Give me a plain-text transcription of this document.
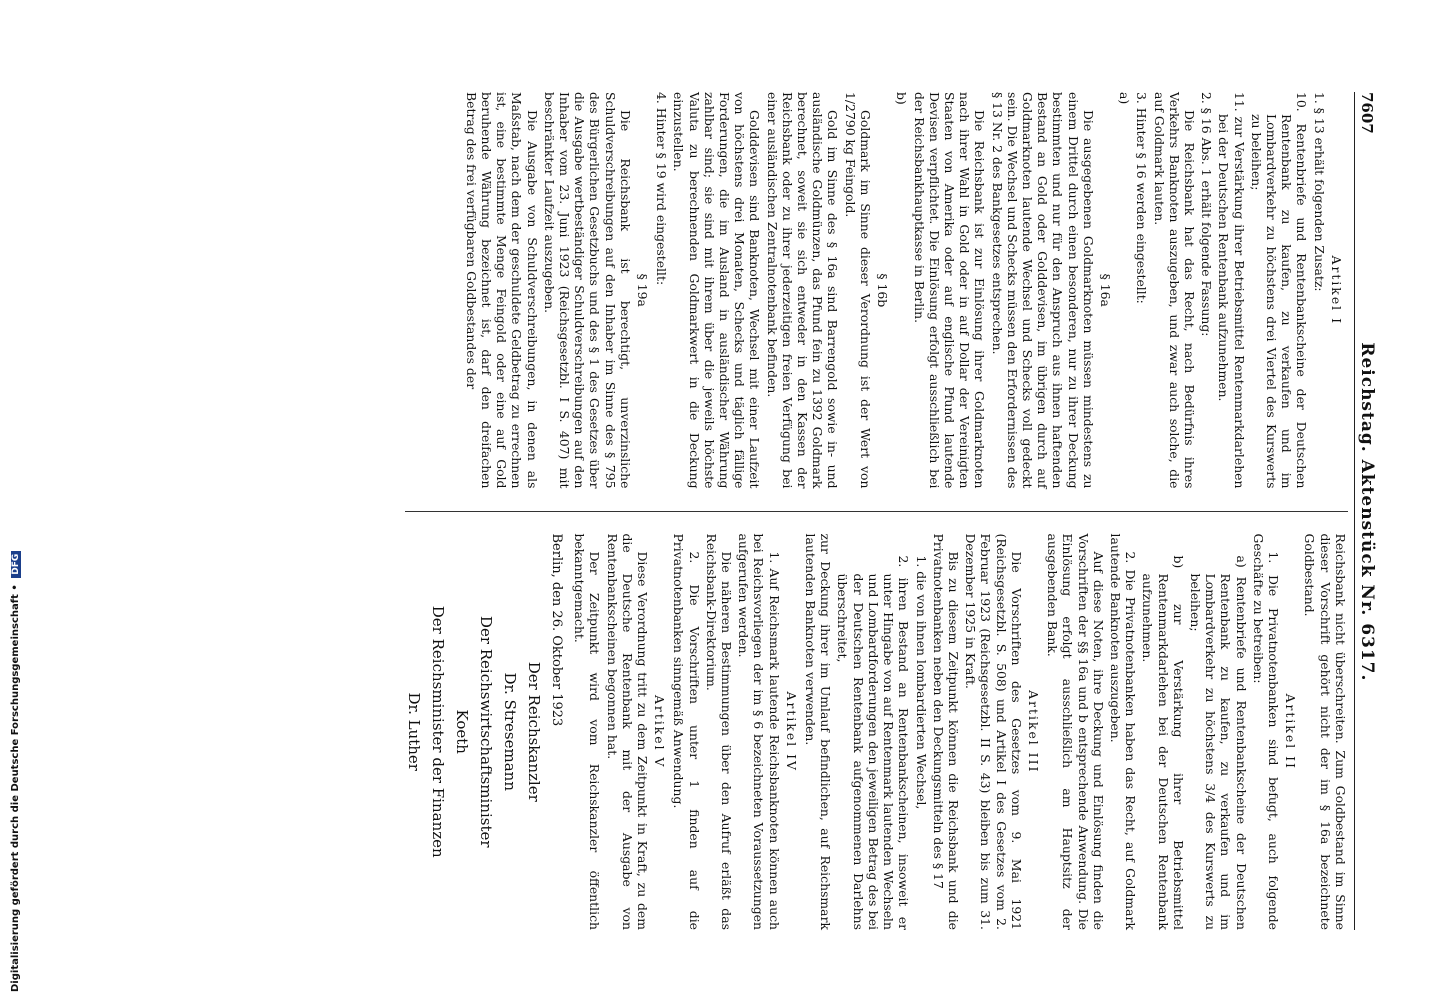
7607
Reichstag. Aktenstück Nr. 6317.

Artikel I

1. § 13 erhält folgenden Zusatz:

10. Rentenbriefe und Rentenbankscheine der Deutschen Rentenbank zu kaufen, zu verkaufen und im Lombardverkehr zu höchstens drei Viertel des Kurswerts zu beleihen;

11. zur Verstärkung ihrer Betriebsmittel Rentenmarkdarlehen bei der Deutschen Rentenbank aufzunehmen.

2. § 16 Abs. 1 erhält folgende Fassung:

Die Reichsbank hat das Recht, nach Bedürfnis ihres Verkehrs Banknoten auszugeben, und zwar auch solche, die auf Goldmark lauten.

3. Hinter § 16 werden eingestellt:

a)

§ 16a

Die ausgegebenen Goldmarknoten müssen mindestens zu einem Drittel durch einen besonderen, nur zu ihrer Deckung bestimmten und nur für den Anspruch aus ihnen haftenden Bestand an Gold oder Golddevisen, im übrigen durch auf Goldmarknoten lautende Wechsel und Schecks voll gedeckt sein. Die Wechsel und Schecks müssen den Erfordernissen des § 13 Nr. 2 des Bankgesetzes entsprechen.

Die Reichsbank ist zur Einlösung ihrer Goldmarknoten nach ihrer Wahl in Gold oder in auf Dollar der Vereinigten Staaten von Amerika oder auf englische Pfund lautende Devisen verpflichtet. Die Einlösung erfolgt ausschließlich bei der Reichsbankhauptkasse in Berlin.

b)

§ 16b

Goldmark im Sinne dieser Verordnung ist der Wert von 1/2790 kg Feingold.

Gold im Sinne des § 16a sind Barrengold sowie in- und ausländische Goldmünzen, das Pfund fein zu 1392 Goldmark berechnet, soweit sie sich entweder in den Kassen der Reichsbank oder zu ihrer jederzeitigen freien Verfügung bei einer ausländischen Zentralnotenbank befinden.

Golddevisen sind Banknoten, Wechsel mit einer Laufzeit von höchstens drei Monaten, Schecks und täglich fällige Forderungen, die im Ausland in ausländischer Währung zahlbar sind; sie sind mit ihrem über die jeweils höchste Valuta zu berechnenden Goldmarkwert in die Deckung einzustellen.

4. Hinter § 19 wird eingestellt:

§ 19a

Die Reichsbank ist berechtigt, unverzinsliche Schuldverschreibungen auf den Inhaber im Sinne des § 795 des Bürgerlichen Gesetzbuchs und des § 1 des Gesetzes über die Ausgabe wertbeständiger Schuldverschreibungen auf den Inhaber vom 23. Juni 1923 (Reichsgesetzbl. I S. 407) mit beschränkter Laufzeit auszugeben.

Die Ausgabe von Schuldverschreibungen, in denen als Maßstab, nach dem der geschuldete Geldbetrag zu errechnen ist, eine bestimmte Menge Feingold oder eine auf Gold beruhende Währung bezeichnet ist, darf den dreifachen Betrag des frei verfügbaren Goldbestandes der

Reichsbank nicht überschreiten. Zum Goldbestand im Sinne dieser Vorschrift gehört nicht der im § 16a bezeichnete Goldbestand.

Artikel II

1. Die Privatnotenbanken sind befugt, auch folgende Geschäfte zu betreiben:

a) Rentenbriefe und Rentenbankscheine der Deutschen Rentenbank zu kaufen, zu verkaufen und im Lombardverkehr zu höchstens 3/4 des Kurswerts zu beleihen;

b) zur Verstärkung ihrer Betriebsmittel Rentenmarkdarlehen bei der Deutschen Rentenbank aufzunehmen.

2. Die Privatnotenbanken haben das Recht, auf Goldmark lautende Banknoten auszugeben.

Auf diese Noten, ihre Deckung und Einlösung finden die Vorschriften der §§ 16a und b entsprechende Anwendung. Die Einlösung erfolgt ausschließlich am Hauptsitz der ausgebenden Bank.

Artikel III

Die Vorschriften des Gesetzes vom 9. Mai 1921 (Reichsgesetzbl. S. 508) und Artikel I des Gesetzes vom 2. Februar 1923 (Reichsgesetzbl. II S. 43) bleiben bis zum 31. Dezember 1925 in Kraft.

Bis zu diesem Zeitpunkt können die Reichsbank und die Privatnotenbanken neben den Deckungsmitteln des § 17

1. die von ihnen lombardierten Wechsel,

2. ihren Bestand an Rentenbankscheinen, insoweit er unter Hingabe von auf Rentenmark lautenden Wechseln und Lombardforderungen den jeweiligen Betrag des bei der Deutschen Rentenbank aufgenommenen Darlehns überschreitet,

zur Deckung ihrer im Umlauf befindlichen, auf Reichsmark lautenden Banknoten verwenden.

Artikel IV

1. Auf Reichsmark lautende Reichsbanknoten können auch bei Reichsvorliegen der im § 6 bezeichneten Voraussetzungen aufgerufen werden.

Die näheren Bestimmungen über den Aufruf erläßt das Reichsbank-Direktorium.

2. Die Vorschriften unter 1 finden auf die Privatnotenbanken sinngemäß Anwendung.

Artikel V

Diese Verordnung tritt zu dem Zeitpunkt in Kraft, zu dem die Deutsche Rentenbank mit der Ausgabe von Rentenbankscheinen begonnen hat.

Der Zeitpunkt wird vom Reichskanzler öffentlich bekanntgemacht.

Berlin, den 26. Oktober 1923

Der Reichskanzler

Dr. Stresemann

Der Reichswirtschaftsminister

Koeth

Der Reichsminister der Finanzen

Dr. Luther

Digitalisierung gefördert durch die Deutsche Forschungsgemeinschaft • DFG
